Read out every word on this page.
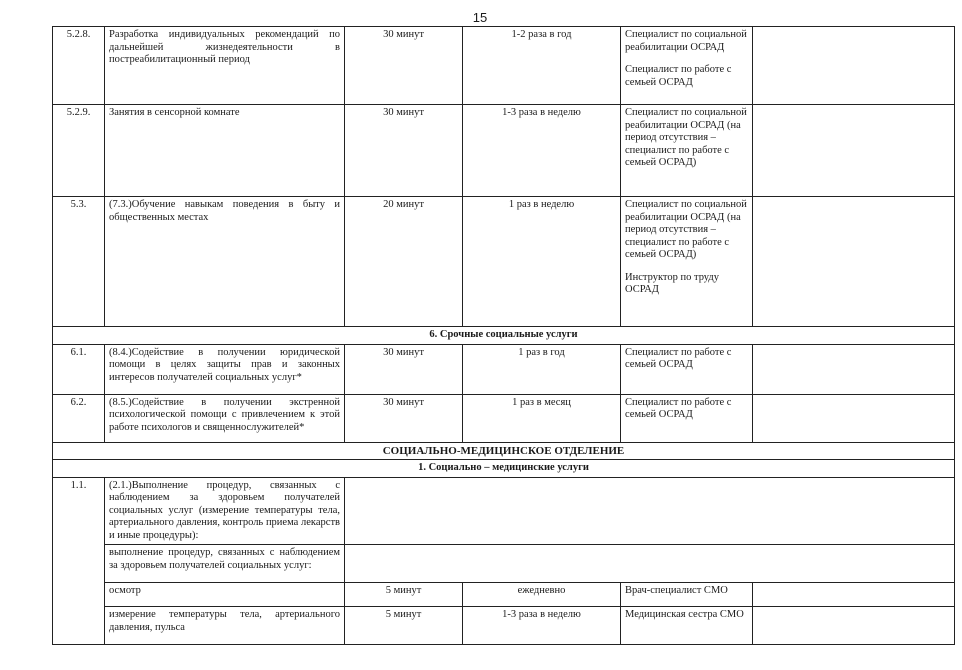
15
5.2.8.	Разработка индивидуальных рекомендаций по дальнейшей жизнедеятельности в постреабилитационный период	30 минут	1-2 раза в год	Специалист по социальной реабилитации ОСРАД
Специалист по работе с семьей ОСРАД	

5.2.9.	Занятия в сенсорной комнате	30 минут	1-3 раза в неделю	Специалист по социальной реабилитации ОСРАД (на период отсутствия – специалист по работе с семьей ОСРАД)	

5.3.	(7.3.)Обучение навыкам поведения в быту и общественных местах	20 минут	1 раз в неделю	Специалист по социальной реабилитации ОСРАД (на период отсутствия – специалист по работе с семьей ОСРАД)
Инструктор по труду ОСРАД	

6. Срочные социальные услуги					
6.1.	(8.4.)Содействие в получении юридической помощи в целях защиты прав и законных интересов получателей социальных услуг*	30 минут	1 раз в год	Специалист по работе с семьей ОСРАД	

6.2.	(8.5.)Содействие в получении экстренной психологической помощи с привлечением к этой работе психологов и священнослужителей*	30 минут	1 раз в месяц	Специалист по работе с семьей ОСРАД	

СОЦИАЛЬНО-МЕДИЦИНСКОЕ ОТДЕЛЕНИЕ					
1. Социально – медицинские услуги					
1.1.	(2.1.)Выполнение процедур, связанных с наблюдением за здоровьем получателей социальных услуг (измерение температуры тела, артериального давления, контроль приема лекарств и иные процедуры):				
	выполнение процедур, связанных с наблюдением за здоровьем получателей социальных услуг:				
	осмотр	5 минут	ежедневно	Врач-специалист СМО	

	измерение температуры тела, артериального давления, пульса	5 минут	1-3 раза в неделю	Медицинская сестра СМО	
